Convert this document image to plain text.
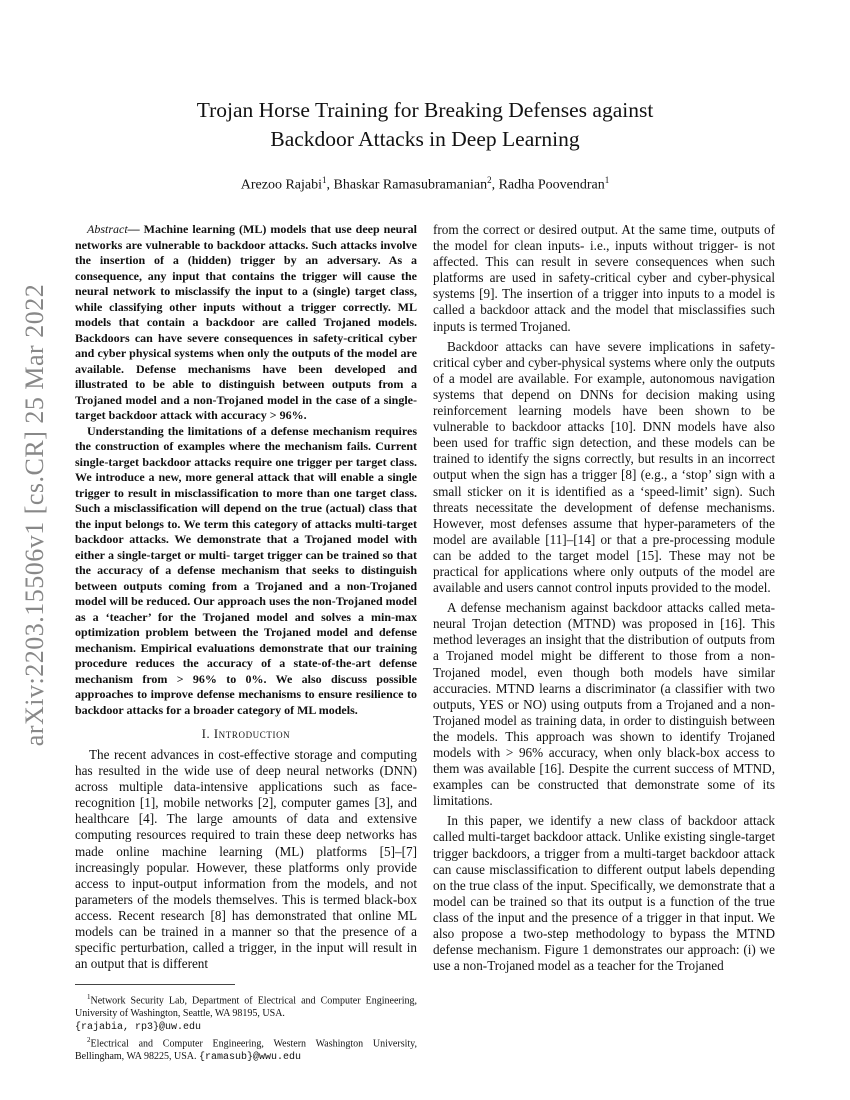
arXiv:2203.15506v1 [cs.CR] 25 Mar 2022
Trojan Horse Training for Breaking Defenses against
Backdoor Attacks in Deep Learning
Arezoo Rajabi$^1$, Bhaskar Ramasubramanian$^2$, Radha Poovendran$^1$

Abstract— Machine learning (ML) models that use deep neural networks are vulnerable to backdoor attacks. Such attacks involve the insertion of a (hidden) trigger by an adversary. As a consequence, any input that contains the trigger will cause the neural network to misclassify the input to a (single) target class, while classifying other inputs without a trigger correctly. ML models that contain a backdoor are called Trojaned models. Backdoors can have severe consequences in safety-critical cyber and cyber physical systems when only the outputs of the model are available. Defense mechanisms have been developed and illustrated to be able to distinguish between outputs from a Trojaned model and a non-Trojaned model in the case of a single-target backdoor attack with accuracy > 96%.

Understanding the limitations of a defense mechanism requires the construction of examples where the mechanism fails. Current single-target backdoor attacks require one trigger per target class. We introduce a new, more general attack that will enable a single trigger to result in misclassification to more than one target class. Such a misclassification will depend on the true (actual) class that the input belongs to. We term this category of attacks multi-target backdoor attacks. We demonstrate that a Trojaned model with either a single-target or multi- target trigger can be trained so that the accuracy of a defense mechanism that seeks to distinguish between outputs coming from a Trojaned and a non-Trojaned model will be reduced. Our approach uses the non-Trojaned model as a ‘teacher’ for the Trojaned model and solves a min-max optimization problem between the Trojaned model and defense mechanism. Empirical evaluations demonstrate that our training procedure reduces the accuracy of a state-of-the-art defense mechanism from > 96% to 0%. We also discuss possible approaches to improve defense mechanisms to ensure resilience to backdoor attacks for a broader category of ML models.

I. Introduction

The recent advances in cost-effective storage and computing has resulted in the wide use of deep neural networks (DNN) across multiple data-intensive applications such as face-recognition [1], mobile networks [2], computer games [3], and healthcare [4]. The large amounts of data and extensive computing resources required to train these deep networks has made online machine learning (ML) platforms [5]–[7] increasingly popular. However, these platforms only provide access to input-output information from the models, and not parameters of the models themselves. This is termed black-box access. Recent research [8] has demonstrated that online ML models can be trained in a manner so that the presence of a specific perturbation, called a trigger, in the input will result in an output that is different

$^1$Network Security Lab, Department of Electrical and Computer Engineering, University of Washington, Seattle, WA 98195, USA.
{rajabia, rp3}@uw.edu

$^2$Electrical and Computer Engineering, Western Washington University, Bellingham, WA 98225, USA. {ramasub}@wwu.edu

from the correct or desired output. At the same time, outputs of the model for clean inputs- i.e., inputs without trigger- is not affected. This can result in severe consequences when such platforms are used in safety-critical cyber and cyber-physical systems [9]. The insertion of a trigger into inputs to a model is called a backdoor attack and the model that misclassifies such inputs is termed Trojaned.

Backdoor attacks can have severe implications in safety-critical cyber and cyber-physical systems where only the outputs of a model are available. For example, autonomous navigation systems that depend on DNNs for decision making using reinforcement learning models have been shown to be vulnerable to backdoor attacks [10]. DNN models have also been used for traffic sign detection, and these models can be trained to identify the signs correctly, but results in an incorrect output when the sign has a trigger [8] (e.g., a ‘stop’ sign with a small sticker on it is identified as a ‘speed-limit’ sign). Such threats necessitate the development of defense mechanisms. However, most defenses assume that hyper-parameters of the model are available [11]–[14] or that a pre-processing module can be added to the target model [15]. These may not be practical for applications where only outputs of the model are available and users cannot control inputs provided to the model.

A defense mechanism against backdoor attacks called meta-neural Trojan detection (MTND) was proposed in [16]. This method leverages an insight that the distribution of outputs from a Trojaned model might be different to those from a non-Trojaned model, even though both models have similar accuracies. MTND learns a discriminator (a classifier with two outputs, YES or NO) using outputs from a Trojaned and a non-Trojaned model as training data, in order to distinguish between the models. This approach was shown to identify Trojaned models with > 96% accuracy, when only black-box access to them was available [16]. Despite the current success of MTND, examples can be constructed that demonstrate some of its limitations.

In this paper, we identify a new class of backdoor attack called multi-target backdoor attack. Unlike existing single-target trigger backdoors, a trigger from a multi-target backdoor attack can cause misclassification to different output labels depending on the true class of the input. Specifically, we demonstrate that a model can be trained so that its output is a function of the true class of the input and the presence of a trigger in that input. We also propose a two-step methodology to bypass the MTND defense mechanism. Figure 1 demonstrates our approach: (i) we use a non-Trojaned model as a teacher for the Trojaned
